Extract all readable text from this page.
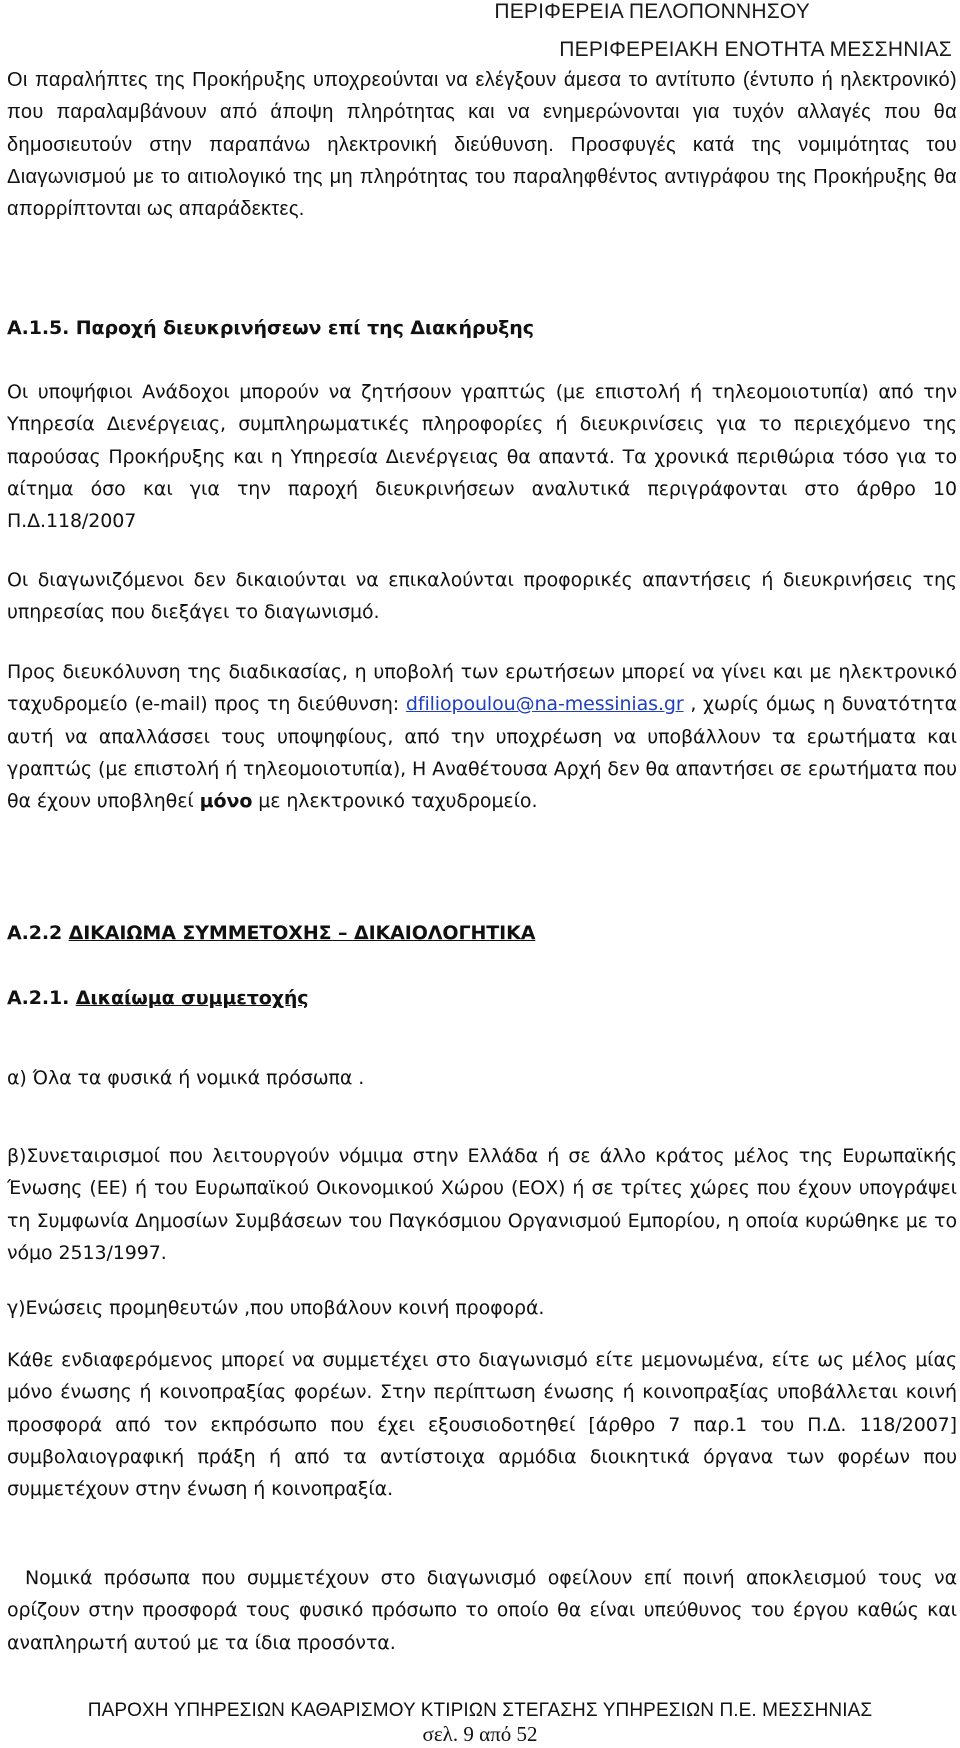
ΠΕΡΙΦΕΡΕΙΑ ΠΕΛΟΠΟΝΝΗΣΟΥ
ΠΕΡΙΦΕΡΕΙΑΚΗ ΕΝΟΤΗΤΑ ΜΕΣΣΗΝΙΑΣ

Οι παραλήπτες της Προκήρυξης υποχρεούνται να ελέγξουν άμεσα το αντίτυπο (έντυπο ή ηλεκτρονικό) που παραλαμβάνουν από άποψη πληρότητας και να ενημερώνονται για τυχόν αλλαγές που θα δημοσιευτούν στην παραπάνω ηλεκτρονική διεύθυνση. Προσφυγές κατά της νομιμότητας του Διαγωνισμού με το αιτιολογικό της μη πληρότητας του παραληφθέντος αντιγράφου της Προκήρυξης θα απορρίπτονται ως απαράδεκτες.

Α.1.5. Παροχή διευκρινήσεων επί της Διακήρυξης

Οι υποψήφιοι Ανάδοχοι μπορούν να ζητήσουν γραπτώς (με επιστολή ή τηλεομοιοτυπία) από την Υπηρεσία Διενέργειας, συμπληρωματικές πληροφορίες ή διευκρινίσεις για το περιεχόμενο της παρούσας Προκήρυξης και η Υπηρεσία Διενέργειας θα απαντά. Τα χρονικά περιθώρια τόσο για το αίτημα όσο και για την παροχή διευκρινήσεων αναλυτικά περιγράφονται στο άρθρο 10 Π.Δ.118/2007

Οι διαγωνιζόμενοι δεν δικαιούνται να επικαλούνται προφορικές απαντήσεις ή διευκρινήσεις της υπηρεσίας που διεξάγει το διαγωνισμό.

Προς διευκόλυνση της διαδικασίας, η υποβολή των ερωτήσεων μπορεί να γίνει και με ηλεκτρονικό ταχυδρομείο (e-mail) προς τη διεύθυνση: dfiliopoulou@na-messinias.gr , χωρίς όμως η δυνατότητα αυτή να απαλλάσσει τους υποψηφίους, από την υποχρέωση να υποβάλλουν τα ερωτήματα και γραπτώς (με επιστολή ή τηλεομοιοτυπία), Η Αναθέτουσα Αρχή δεν θα απαντήσει σε ερωτήματα που θα έχουν υποβληθεί μόνο με ηλεκτρονικό ταχυδρομείο.

Α.2.2 ΔΙΚΑΙΩΜΑ ΣΥΜΜΕΤΟΧΗΣ – ΔΙΚΑΙΟΛΟΓΗΤΙΚΑ

Α.2.1. Δικαίωμα συμμετοχής

α) Όλα τα φυσικά ή νομικά πρόσωπα .

β)Συνεταιρισμοί που λειτουργούν νόμιμα στην Ελλάδα ή σε άλλο κράτος μέλος της Ευρωπαϊκής Ένωσης (ΕΕ) ή του Ευρωπαϊκού Οικονομικού Χώρου (ΕΟΧ) ή σε τρίτες χώρες που έχουν υπογράψει τη Συμφωνία Δημοσίων Συμβάσεων του Παγκόσμιου Οργανισμού Εμπορίου, η οποία κυρώθηκε με το νόμο 2513/1997.

γ)Ενώσεις προμηθευτών ,που υποβάλουν κοινή προφορά.

Κάθε ενδιαφερόμενος μπορεί να συμμετέχει στο διαγωνισμό είτε μεμονωμένα, είτε ως μέλος μίας μόνο ένωσης ή κοινοπραξίας φορέων. Στην περίπτωση ένωσης ή κοινοπραξίας υποβάλλεται κοινή προσφορά από τον εκπρόσωπο που έχει εξουσιοδοτηθεί [άρθρο 7 παρ.1 του Π.Δ. 118/2007] συμβολαιογραφική πράξη ή από τα αντίστοιχα αρμόδια διοικητικά όργανα των φορέων που συμμετέχουν στην ένωση ή κοινοπραξία.

Νομικά πρόσωπα που συμμετέχουν στο διαγωνισμό οφείλουν επί ποινή αποκλεισμού τους να ορίζουν στην προσφορά τους φυσικό πρόσωπο το οποίο θα είναι υπεύθυνος του έργου καθώς και αναπληρωτή αυτού με τα ίδια προσόντα.

ΠΑΡΟΧΗ ΥΠΗΡΕΣΙΩΝ ΚΑΘΑΡΙΣΜΟΥ ΚΤΙΡΙΩΝ ΣΤΕΓΑΣΗΣ ΥΠΗΡΕΣΙΩΝ Π.Ε. ΜΕΣΣΗΝΙΑΣ
σελ. 9 από 52
